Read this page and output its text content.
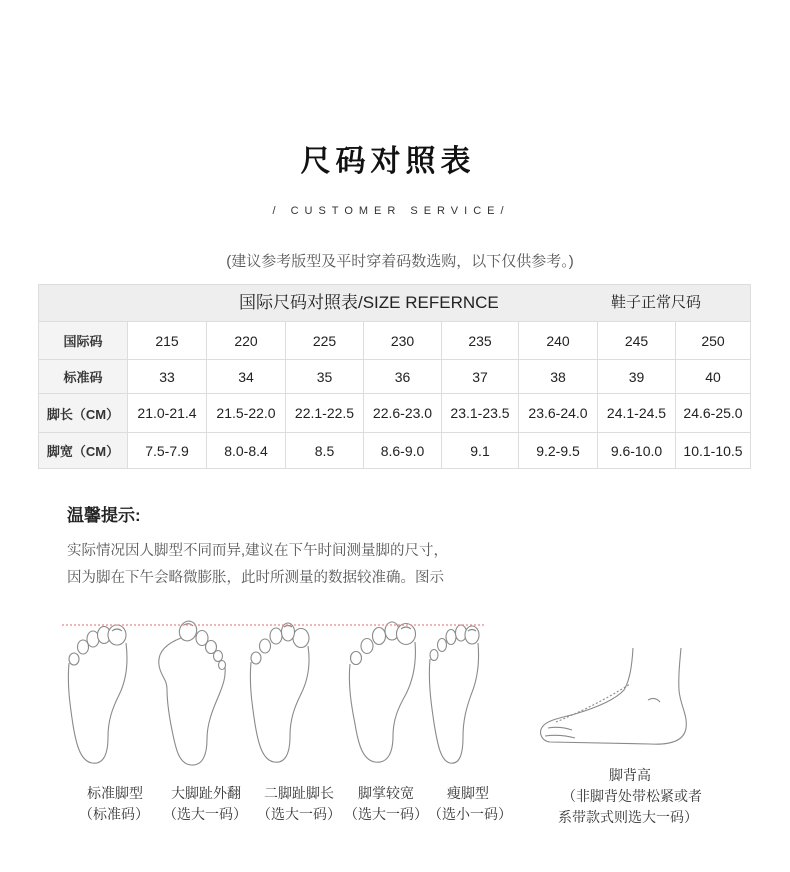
尺码对照表
/ CUSTOMER SERVICE/
(建议参考版型及平时穿着码数选购，以下仅供参考。)
国际尺码对照表/SIZE REFERNCE 鞋子正常尺码								

国际码	215	220	225	230	235	240	245	250
标准码	33	34	35	36	37	38	39	40
脚长（CM）	21.0-21.4	21.5-22.0	22.1-22.5	22.6-23.0	23.1-23.5	23.6-24.0	24.1-24.5	24.6-25.0
脚宽（CM）	7.5-7.9	8.0-8.4	8.5	8.6-9.0	9.1	9.2-9.5	9.6-10.0	10.1-10.5
温馨提示:
实际情况因人脚型不同而异,建议在下午时间测量脚的尺寸，
因为脚在下午会略微膨胀，此时所测量的数据较准确。图示
标准脚型	大脚趾外翻	二脚趾脚长	脚掌较宽	瘦脚型
（标准码）	（选大一码） （选大一码） （选大一码） （选小一码）
脚背高
（非脚背处带松紧或者
系带款式则选大一码）
